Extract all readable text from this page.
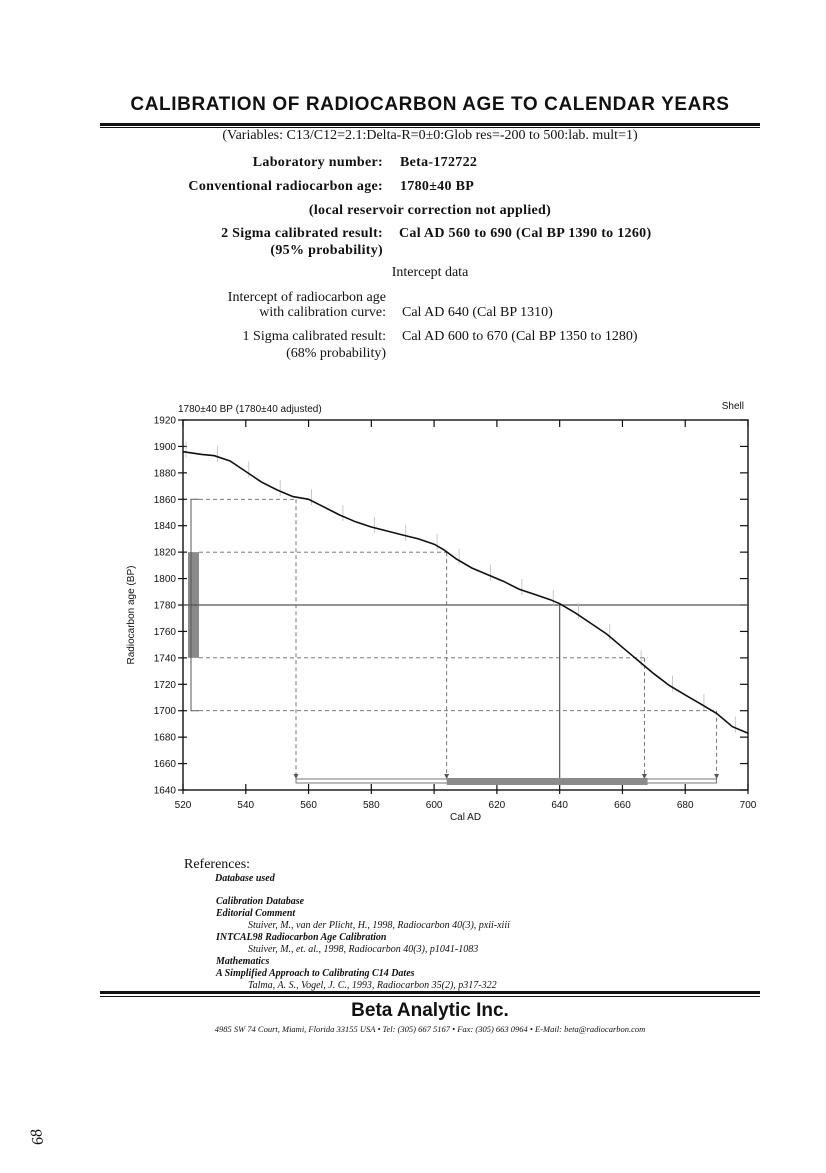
CALIBRATION OF RADIOCARBON AGE TO CALENDAR YEARS
(Variables: C13/C12=2.1:Delta-R=0±0:Glob res=-200 to 500:lab. mult=1)
Laboratory number: Beta-172722
Conventional radiocarbon age: 1780±40 BP
(local reservoir correction not applied)
2 Sigma calibrated result:
(95% probability)
Cal AD 560 to 690 (Cal BP 1390 to 1260)
Intercept data
Intercept of radiocarbon age
with calibration curve: Cal AD 640 (Cal BP 1310)
1 Sigma calibrated result:
(68% probability)
Cal AD 600 to 670 (Cal BP 1350 to 1280)
1640
1660
1680
1700
1720
1740
1760
1780
1800
1820
1840
1860
1880
1900
1920
520	540	560	580	600	620	640	660	680	700
1780±40 BP (1780±40 adjusted)	Shell
Cal AD
Radiocarbon age (BP)
References:
Database used
Calibration Database
Editorial Comment
Stuiver, M., van der Plicht, H., 1998, Radiocarbon 40(3), pxii-xiii
INTCAL98 Radiocarbon Age Calibration
Stuiver, M., et. al., 1998, Radiocarbon 40(3), p1041-1083
Mathematics
A Simplified Approach to Calibrating C14 Dates
Talma, A. S., Vogel, J. C., 1993, Radiocarbon 35(2), p317-322
Beta Analytic Inc.
4985 SW 74 Court, Miami, Florida 33155 USA • Tel: (305) 667 5167 • Fax: (305) 663 0964 • E-Mail: beta@radiocarbon.com
68
